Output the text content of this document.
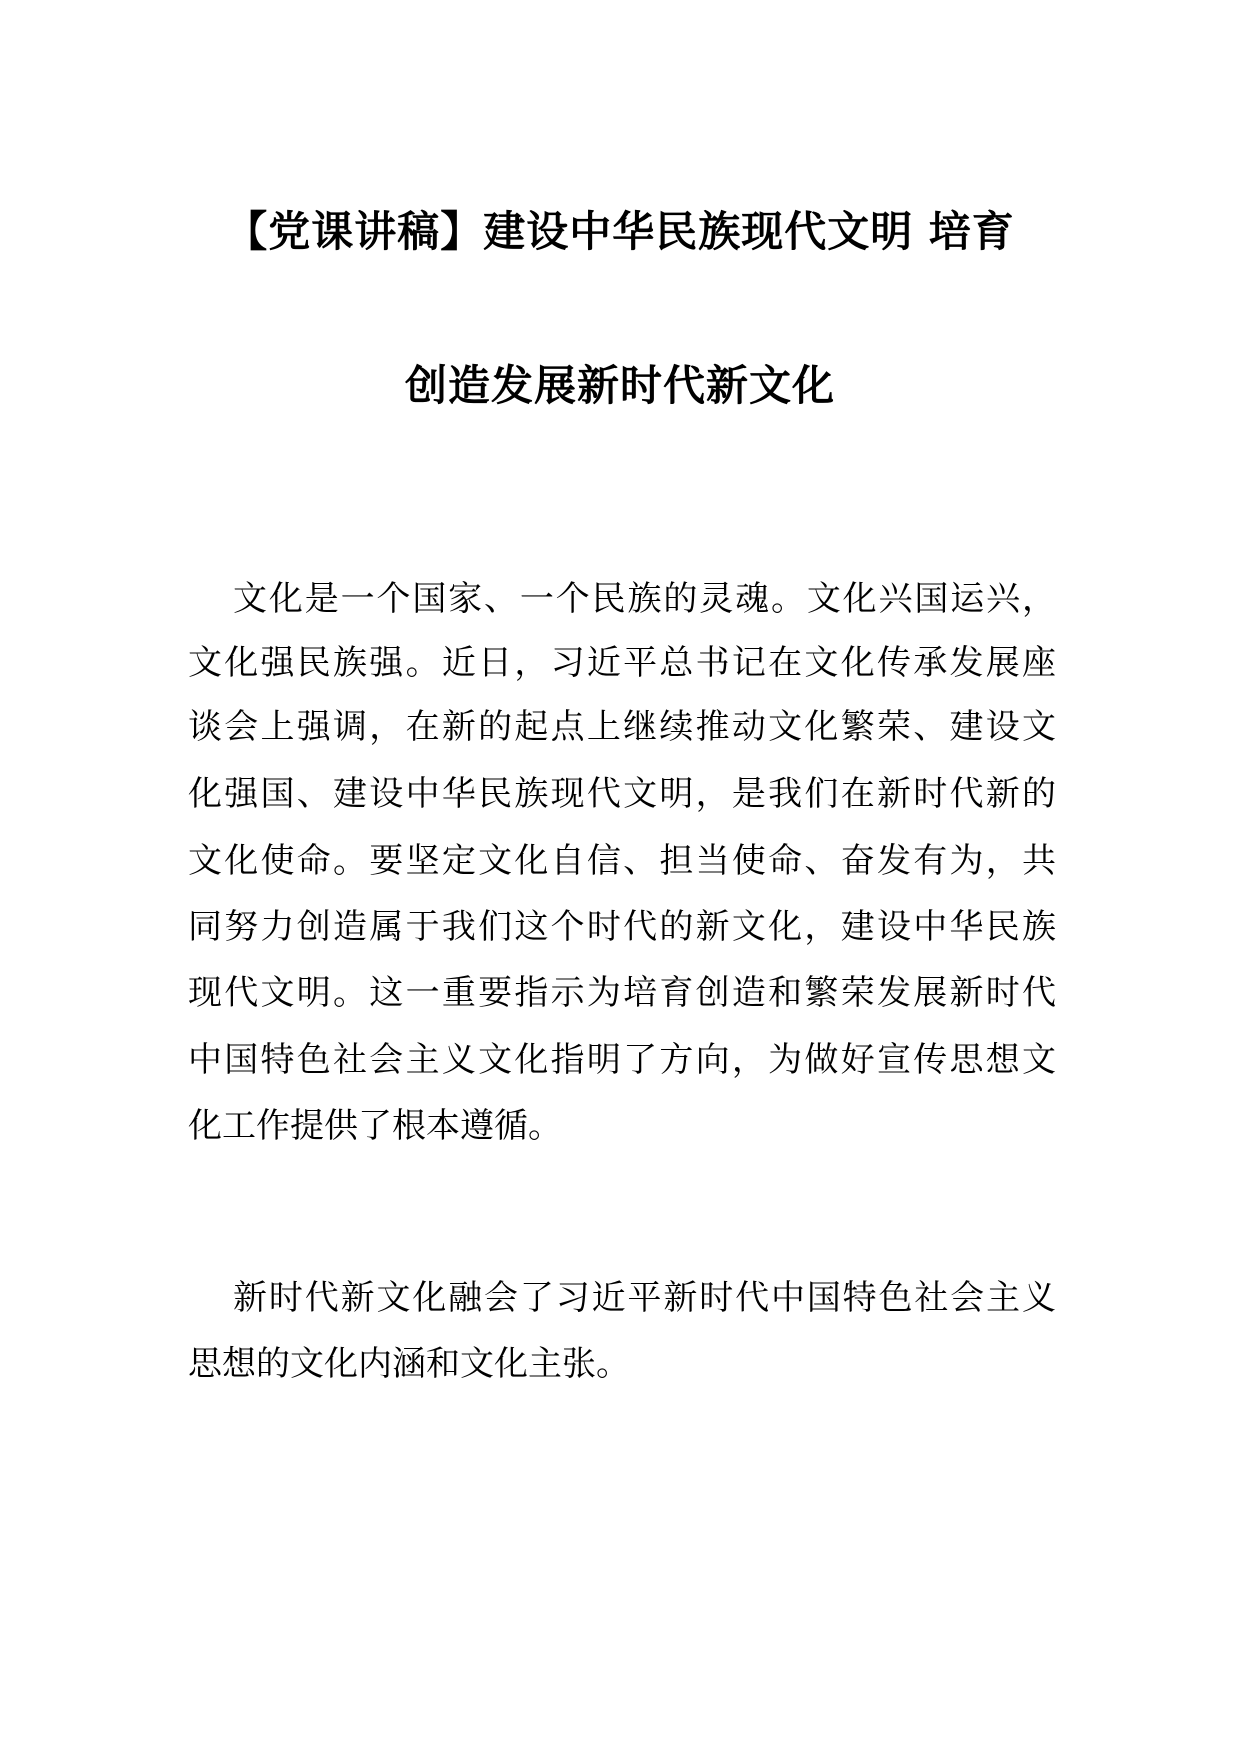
【党课讲稿】建设中华民族现代文明 培育
创造发展新时代新文化
文化是一个国家、一个民族的灵魂。文化兴国运兴，
文化强民族强。近日，习近平总书记在文化传承发展座
谈会上强调，在新的起点上继续推动文化繁荣、建设文
化强国、建设中华民族现代文明，是我们在新时代新的
文化使命。要坚定文化自信、担当使命、奋发有为，共
同努力创造属于我们这个时代的新文化，建设中华民族
现代文明。这一重要指示为培育创造和繁荣发展新时代
中国特色社会主义文化指明了方向，为做好宣传思想文
化工作提供了根本遵循。
新时代新文化融会了习近平新时代中国特色社会主义
思想的文化内涵和文化主张。
